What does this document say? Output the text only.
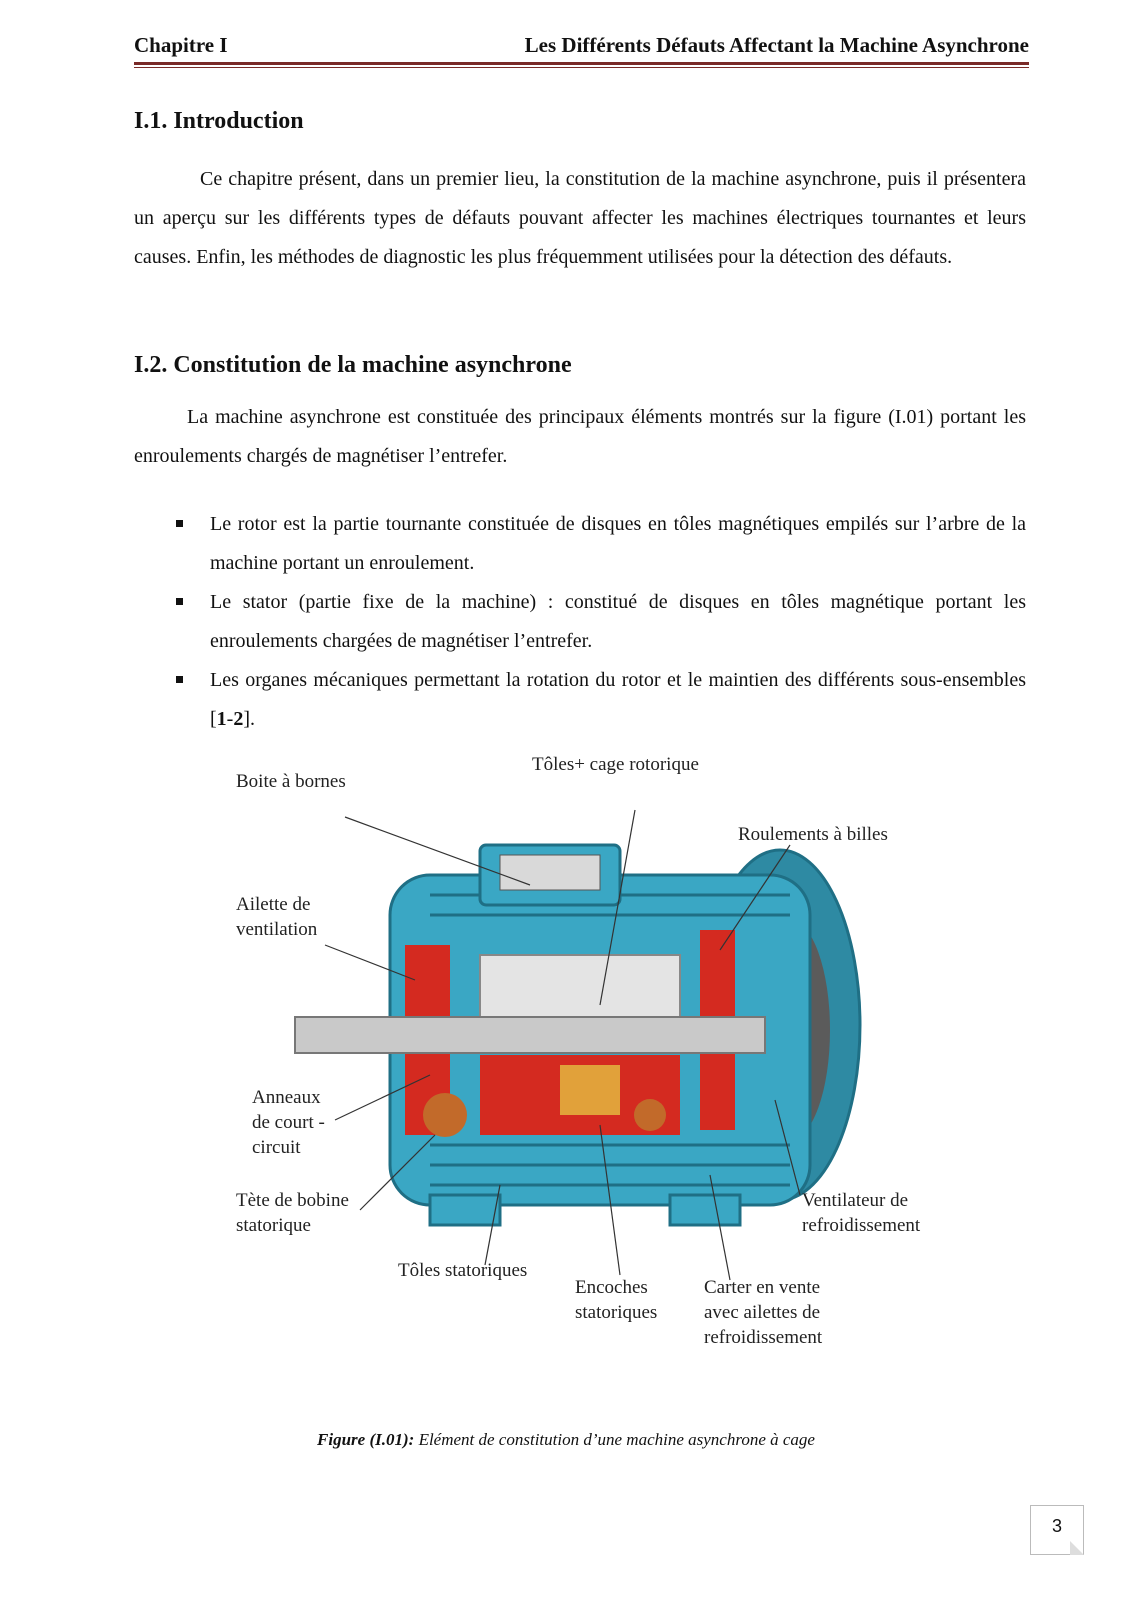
Chapitre I	Les Différents Défauts Affectant la Machine Asynchrone
I.1. Introduction

Ce chapitre présent, dans un premier lieu, la constitution de la machine asynchrone, puis il présentera un aperçu sur les différents types de défauts pouvant affecter les machines électriques tournantes et leurs causes. Enfin, les méthodes de diagnostic les plus fréquemment utilisées pour la détection des défauts.

I.2. Constitution de la machine asynchrone

La machine asynchrone est constituée des principaux éléments montrés sur la figure (I.01) portant les enroulements chargés de magnétiser l’entrefer.

Le rotor est la partie tournante constituée de disques en tôles magnétiques empilés sur l’arbre de la machine portant un enroulement.
Le stator (partie fixe de la machine) : constitué de disques en tôles magnétique portant les enroulements chargées de magnétiser l’entrefer.
Les organes mécaniques permettant la rotation du rotor et le maintien des différents sous-ensembles [1-2].
Boite à bornes
Tôles+ cage rotorique
Roulements à billes
Ailette de
ventilation
Anneaux
de court -
circuit
Tète de bobine
statorique
Ventilateur de
refroidissement
Tôles statoriques
Encoches
statoriques
Carter en vente
avec ailettes de
refroidissement
Figure (I.01): Elément de constitution d’une machine asynchrone à cage
3
